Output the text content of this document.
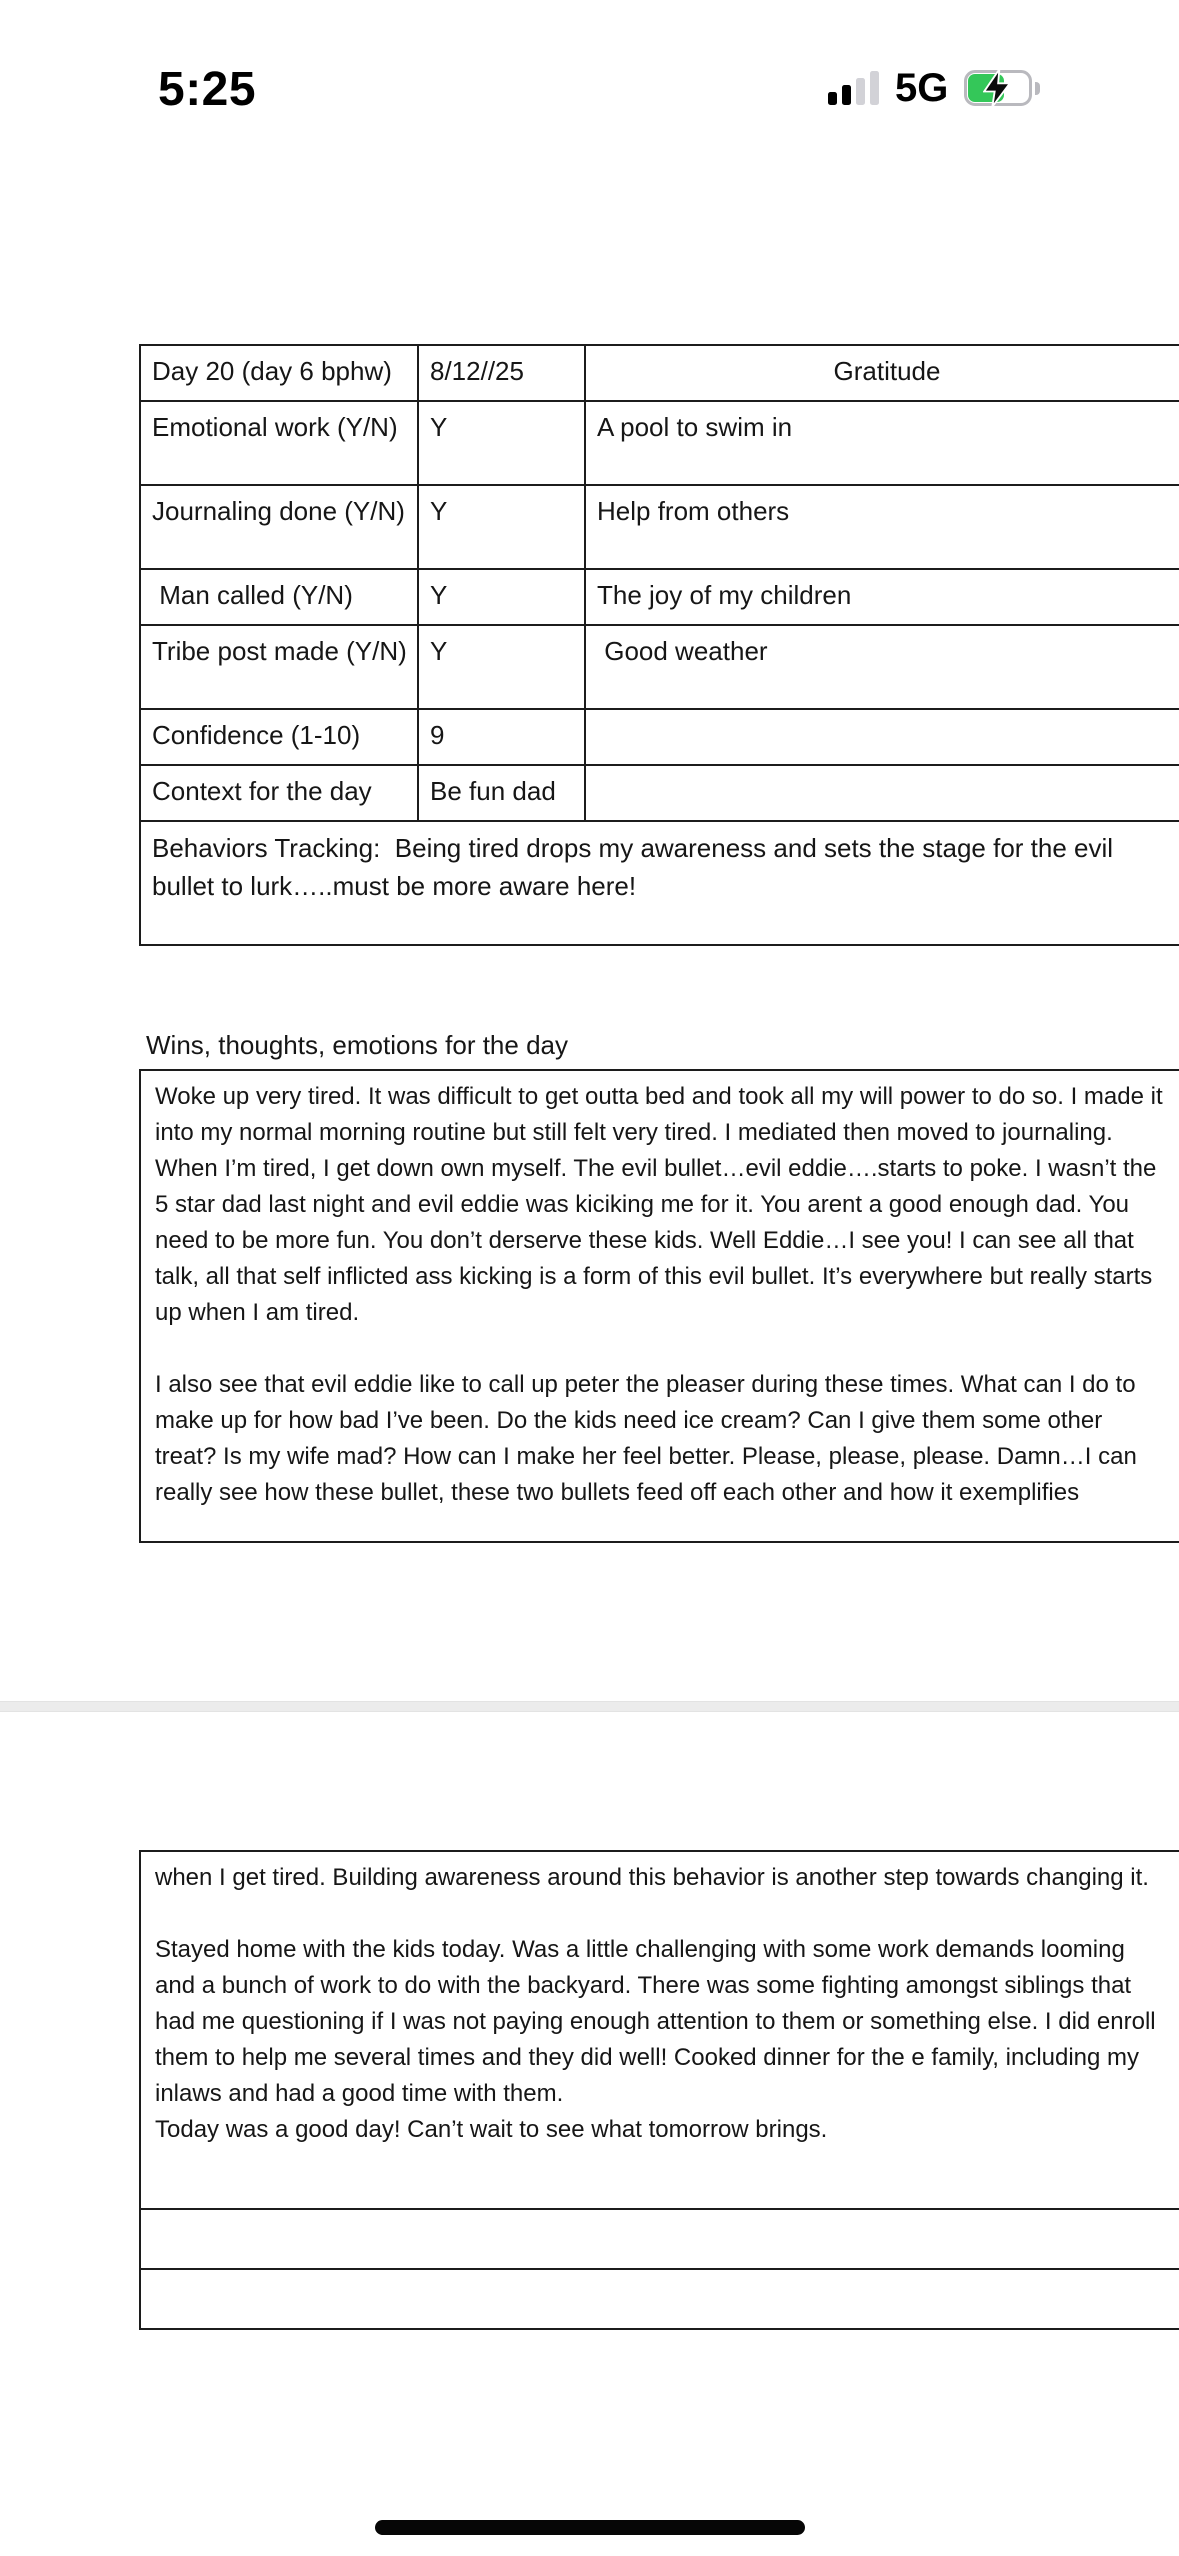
5:25	5G
Day 20 (day 6 bphw)	8/12//25	Gratitude
Emotional work (Y/N)	Y	A pool to swim in
Journaling done (Y/N)	Y	Help from others
Man called (Y/N)	Y	The joy of my children
Tribe post made (Y/N)	Y	Good weather
Confidence (1-10)	9	
Context for the day	Be fun dad	
Behaviors Tracking:  Being tired drops my awareness and sets the stage for the evil bullet to lurk…..must be more aware here!		
Wins, thoughts, emotions for the day

Woke up very tired. It was difficult to get outta bed and took all my will power to do so. I made it into my normal morning routine but still felt very tired. I mediated then moved to journaling. When I’m tired, I get down own myself. The evil bullet…evil eddie….starts to poke. I wasn’t the 5 star dad last night and evil eddie was kiciking me for it. You arent a good enough dad. You need to be more fun. You don’t derserve these kids. Well Eddie…I see you! I can see all that talk, all that self inflicted ass kicking is a form of this evil bullet. It’s everywhere but really starts up when I am tired.

I also see that evil eddie like to call up peter the pleaser during these times. What can I do to make up for how bad I’ve been. Do the kids need ice cream? Can I give them some other treat? Is my wife mad? How can I make her feel better. Please, please, please. Damn…I can really see how these bullet, these two bullets feed off each other and how it exemplifies

when I get tired. Building awareness around this behavior is another step towards changing it.

Stayed home with the kids today. Was a little challenging with some work demands looming and a bunch of work to do with the backyard. There was some fighting amongst siblings that had me questioning if I was not paying enough attention to them or something else. I did enroll them to help me several times and they did well! Cooked dinner for the e family, including my inlaws and had a good time with them.

Today was a good day! Can’t wait to see what tomorrow brings.
